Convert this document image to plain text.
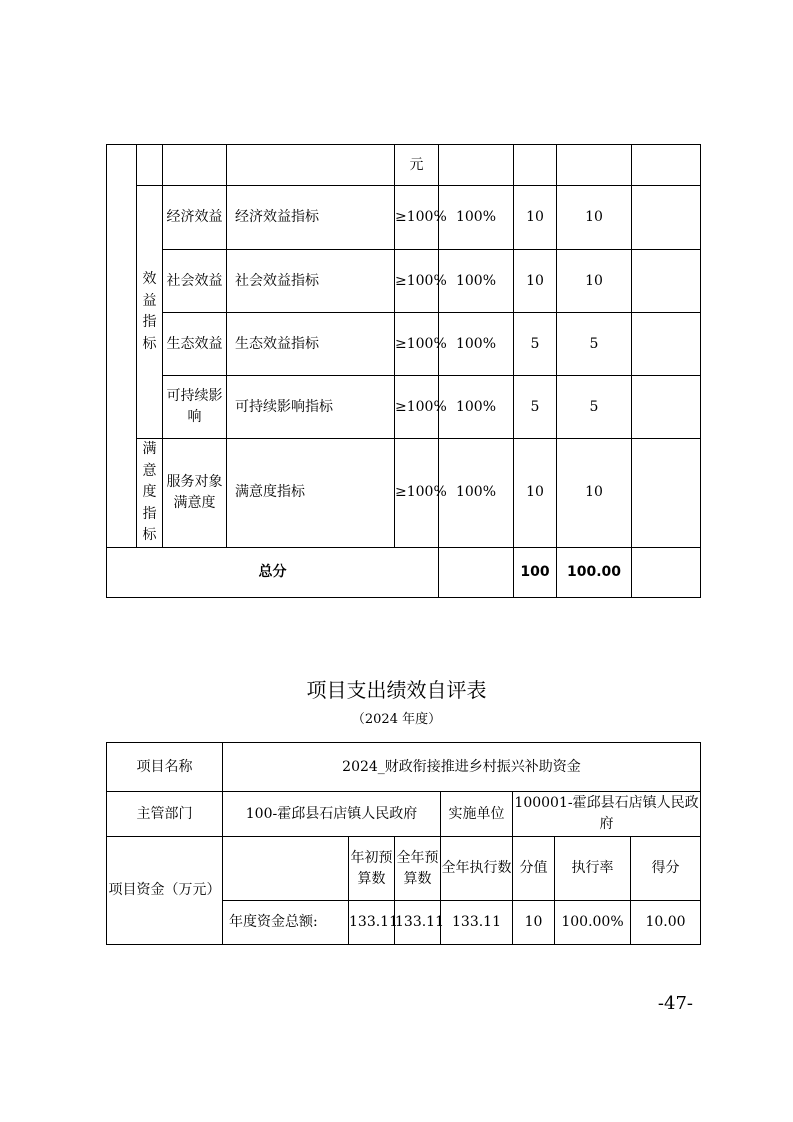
				元				
	效益指标	经济效益	经济效益指标	≥100%	100%	10	10	
		社会效益	社会效益指标	≥100%	100%	10	10	
		生态效益	生态效益指标	≥100%	100%	5	5	
		可持续影响	可持续影响指标	≥100%	100%	5	5	
	满意度指标	服务对象满意度	满意度指标	≥100%	100%	10	10	
总分						100	100.00	
项目支出绩效自评表
（2024 年度）
项目名称	2024_财政衔接推进乡村振兴补助资金						
主管部门	100-霍邱县石店镇人民政府			实施单位	100001-霍邱县石店镇人民政府		
项目资金（万元）		年初预算数	全年预算数	全年执行数	分值	执行率	得分
	年度资金总额:	133.11	133.11	133.11	10	100.00%	10.00
-47-
